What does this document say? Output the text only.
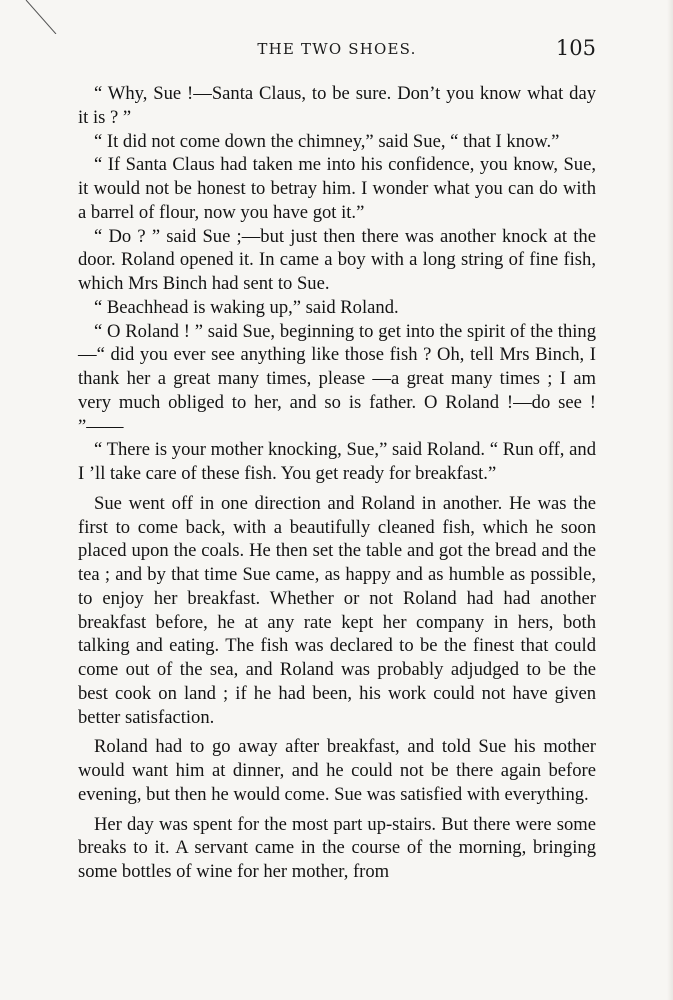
THE TWO SHOES.	105

“ Why, Sue !—Santa Claus, to be sure. Don’t you know what day it is ? ”

“ It did not come down the chimney,” said Sue, “ that I know.”

“ If Santa Claus had taken me into his confidence, you know, Sue, it would not be honest to betray him. I wonder what you can do with a barrel of flour, now you have got it.”

“ Do ? ” said Sue ;—but just then there was another knock at the door. Roland opened it. In came a boy with a long string of fine fish, which Mrs Binch had sent to Sue.

“ Beachhead is waking up,” said Roland.

“ O Roland ! ” said Sue, beginning to get into the spirit of the thing—“ did you ever see anything like those fish ? Oh, tell Mrs Binch, I thank her a great many times, please —a great many times ; I am very much obliged to her, and so is father. O Roland !—do see ! ”——

“ There is your mother knocking, Sue,” said Roland. “ Run off, and I ’ll take care of these fish. You get ready for breakfast.”

Sue went off in one direction and Roland in another. He was the first to come back, with a beautifully cleaned fish, which he soon placed upon the coals. He then set the table and got the bread and the tea ; and by that time Sue came, as happy and as humble as possible, to enjoy her breakfast. Whether or not Roland had had another breakfast before, he at any rate kept her company in hers, both talking and eating. The fish was declared to be the finest that could come out of the sea, and Roland was probably adjudged to be the best cook on land ; if he had been, his work could not have given better satisfaction.

Roland had to go away after breakfast, and told Sue his mother would want him at dinner, and he could not be there again before evening, but then he would come. Sue was satisfied with everything.

Her day was spent for the most part up-stairs. But there were some breaks to it. A servant came in the course of the morning, bringing some bottles of wine for her mother, from
